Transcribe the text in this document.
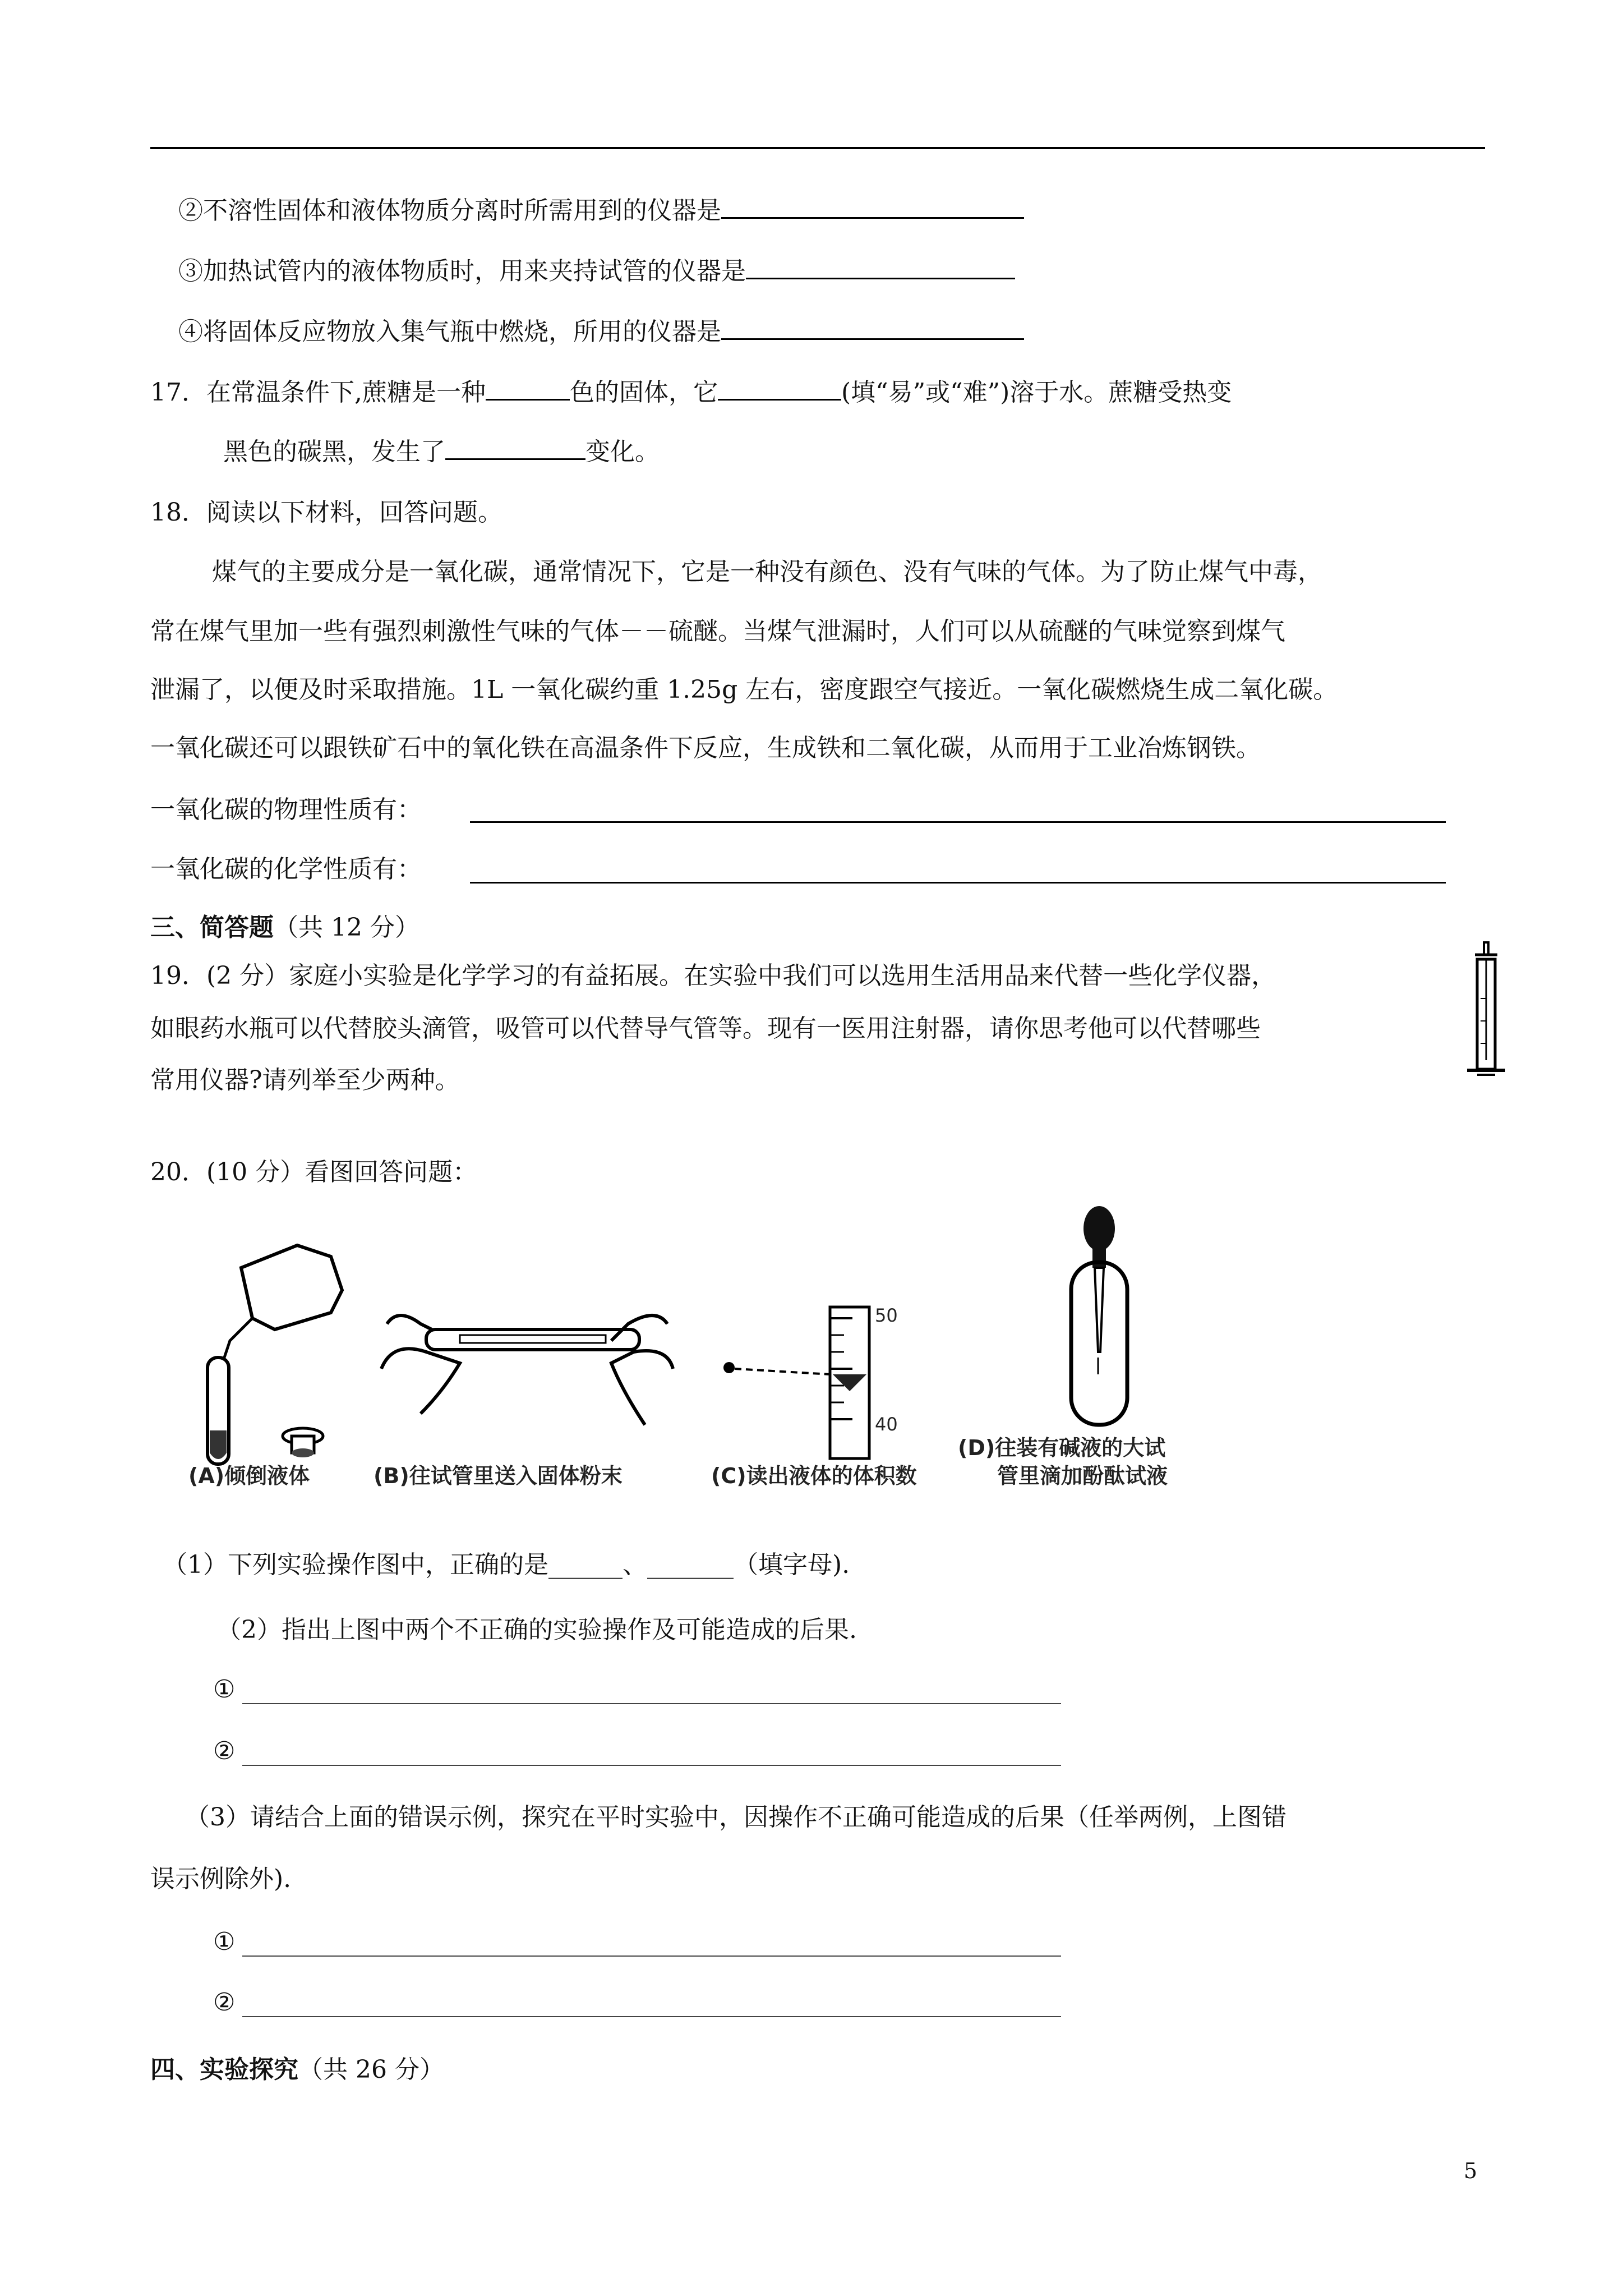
②不溶性固体和液体物质分离时所需用到的仪器是
③加热试管内的液体物质时，用来夹持试管的仪器是
④将固体反应物放入集气瓶中燃烧，所用的仪器是
17．在常温条件下,蔗糖是一种	色的固体，它	(填“易”或“难”)溶于水。蔗糖受热变
黑色的碳黑，发生了	变化。
18．阅读以下材料，回答问题。
煤气的主要成分是一氧化碳，通常情况下，它是一种没有颜色、没有气味的气体。为了防止煤气中毒，
常在煤气里加一些有强烈刺激性气味的气体－－硫醚。当煤气泄漏时，人们可以从硫醚的气味觉察到煤气
泄漏了，以便及时采取措施。1L 一氧化碳约重 1.25g 左右，密度跟空气接近。一氧化碳燃烧生成二氧化碳。
一氧化碳还可以跟铁矿石中的氧化铁在高温条件下反应，生成铁和二氧化碳，从而用于工业冶炼钢铁。
一氧化碳的物理性质有：
一氧化碳的化学性质有：
三、简答题（共 12 分）
19．(2 分）家庭小实验是化学学习的有益拓展。在实验中我们可以选用生活用品来代替一些化学仪器，
如眼药水瓶可以代替胶头滴管，吸管可以代替导气管等。现有一医用注射器，请你思考他可以代替哪些
常用仪器?请列举至少两种。
20．(10 分）看图回答问题：
50
40
(A)倾倒液体	(B)往试管里送入固体粉末	(C)读出液体的体积数
(D)往装有碱液的大试
管里滴加酚酞试液
（1）下列实验操作图中，正确的是______、_______（填字母).
（2）指出上图中两个不正确的实验操作及可能造成的后果.
①
②
（3）请结合上面的错误示例，探究在平时实验中，因操作不正确可能造成的后果（任举两例，上图错
误示例除外).
①
②
四、实验探究（共 26 分）
5
